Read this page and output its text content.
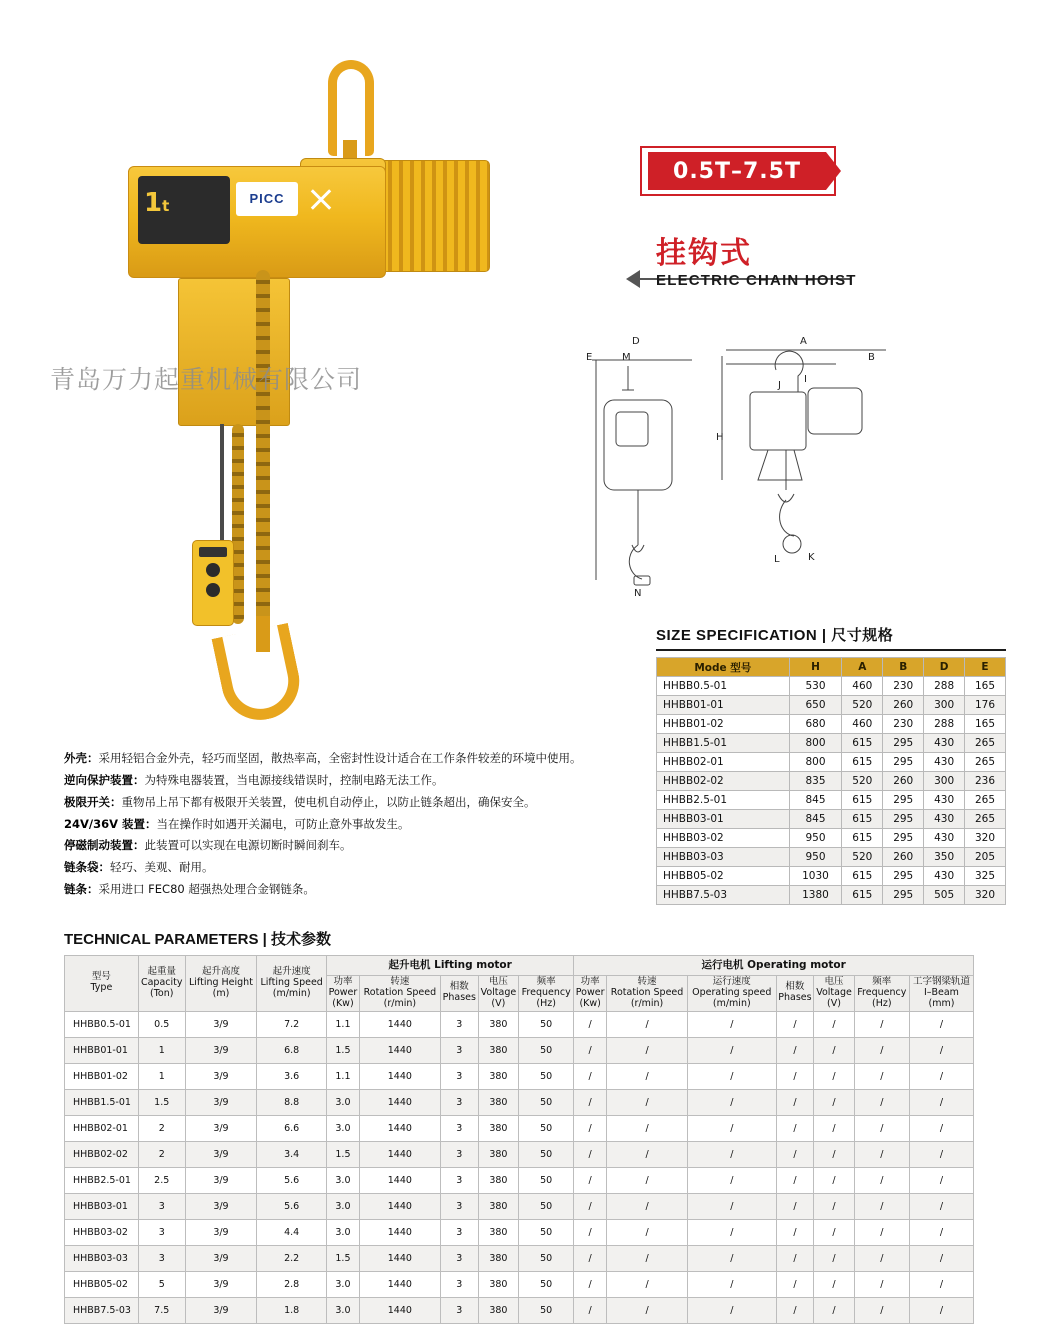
1t	PICC
青岛万力起重机械有限公司
0.5T–7.5T
挂钩式
ELECTRIC CHAIN HOIST
D
E	M
N
A
B
I
J
H
L	K
SIZE SPECIFICATION | 尺寸规格
Mode 型号	H	A	B	D	E
HHBB0.5-01	530	460	230	288	165
HHBB01-01	650	520	260	300	176
HHBB01-02	680	460	230	288	165
HHBB1.5-01	800	615	295	430	265
HHBB02-01	800	615	295	430	265
HHBB02-02	835	520	260	300	236
HHBB2.5-01	845	615	295	430	265
HHBB03-01	845	615	295	430	265
HHBB03-02	950	615	295	430	320
HHBB03-03	950	520	260	350	205
HHBB05-02	1030	615	295	430	325
HHBB7.5-03	1380	615	295	505	320
外壳：采用轻铝合金外壳，轻巧而坚固，散热率高，全密封性设计适合在工作条件较差的环境中使用。
逆向保护装置：为特殊电器装置，当电源接线错误时，控制电路无法工作。
极限开关：重物吊上吊下都有极限开关装置，使电机自动停止，以防止链条超出，确保安全。
24V/36V 装置：当在操作时如遇开关漏电，可防止意外事故发生。
停磁制动装置：此装置可以实现在电源切断时瞬间刹车。
链条袋：轻巧、美观、耐用。
链条：采用进口 FEC80 超强热处理合金钢链条。
TECHNICAL PARAMETERS | 技术参数
型号
Type

起重量
Capacity
(Ton)

起升高度
Lifting Height
(m)

起升速度
Lifting Speed
(m/min)
	起升电机 Lifting motor	运行电机 Operating motor

功率
Power
(Kw)

转速
Rotation Speed
(r/min)

相数
Phases

电压
Voltage
(V)

频率
Frequency
(Hz)

功率
Power
(Kw)

转速
Rotation Speed
(r/min)

运行速度
Operating speed
(m/min)

相数
Phases

电压
Voltage
(V)

频率
Frequency
(Hz)

工字钢梁轨道
I–Beam
(mm)

HHBB0.5-01	0.5	3/9	7.2	1.1	1440	3	380	50	/	/	/	/	/	/	/
HHBB01-01	1	3/9	6.8	1.5	1440	3	380	50	/	/	/	/	/	/	/
HHBB01-02	1	3/9	3.6	1.1	1440	3	380	50	/	/	/	/	/	/	/
HHBB1.5-01	1.5	3/9	8.8	3.0	1440	3	380	50	/	/	/	/	/	/	/
HHBB02-01	2	3/9	6.6	3.0	1440	3	380	50	/	/	/	/	/	/	/
HHBB02-02	2	3/9	3.4	1.5	1440	3	380	50	/	/	/	/	/	/	/
HHBB2.5-01	2.5	3/9	5.6	3.0	1440	3	380	50	/	/	/	/	/	/	/
HHBB03-01	3	3/9	5.6	3.0	1440	3	380	50	/	/	/	/	/	/	/
HHBB03-02	3	3/9	4.4	3.0	1440	3	380	50	/	/	/	/	/	/	/
HHBB03-03	3	3/9	2.2	1.5	1440	3	380	50	/	/	/	/	/	/	/
HHBB05-02	5	3/9	2.8	3.0	1440	3	380	50	/	/	/	/	/	/	/
HHBB7.5-03	7.5	3/9	1.8	3.0	1440	3	380	50	/	/	/	/	/	/	/
